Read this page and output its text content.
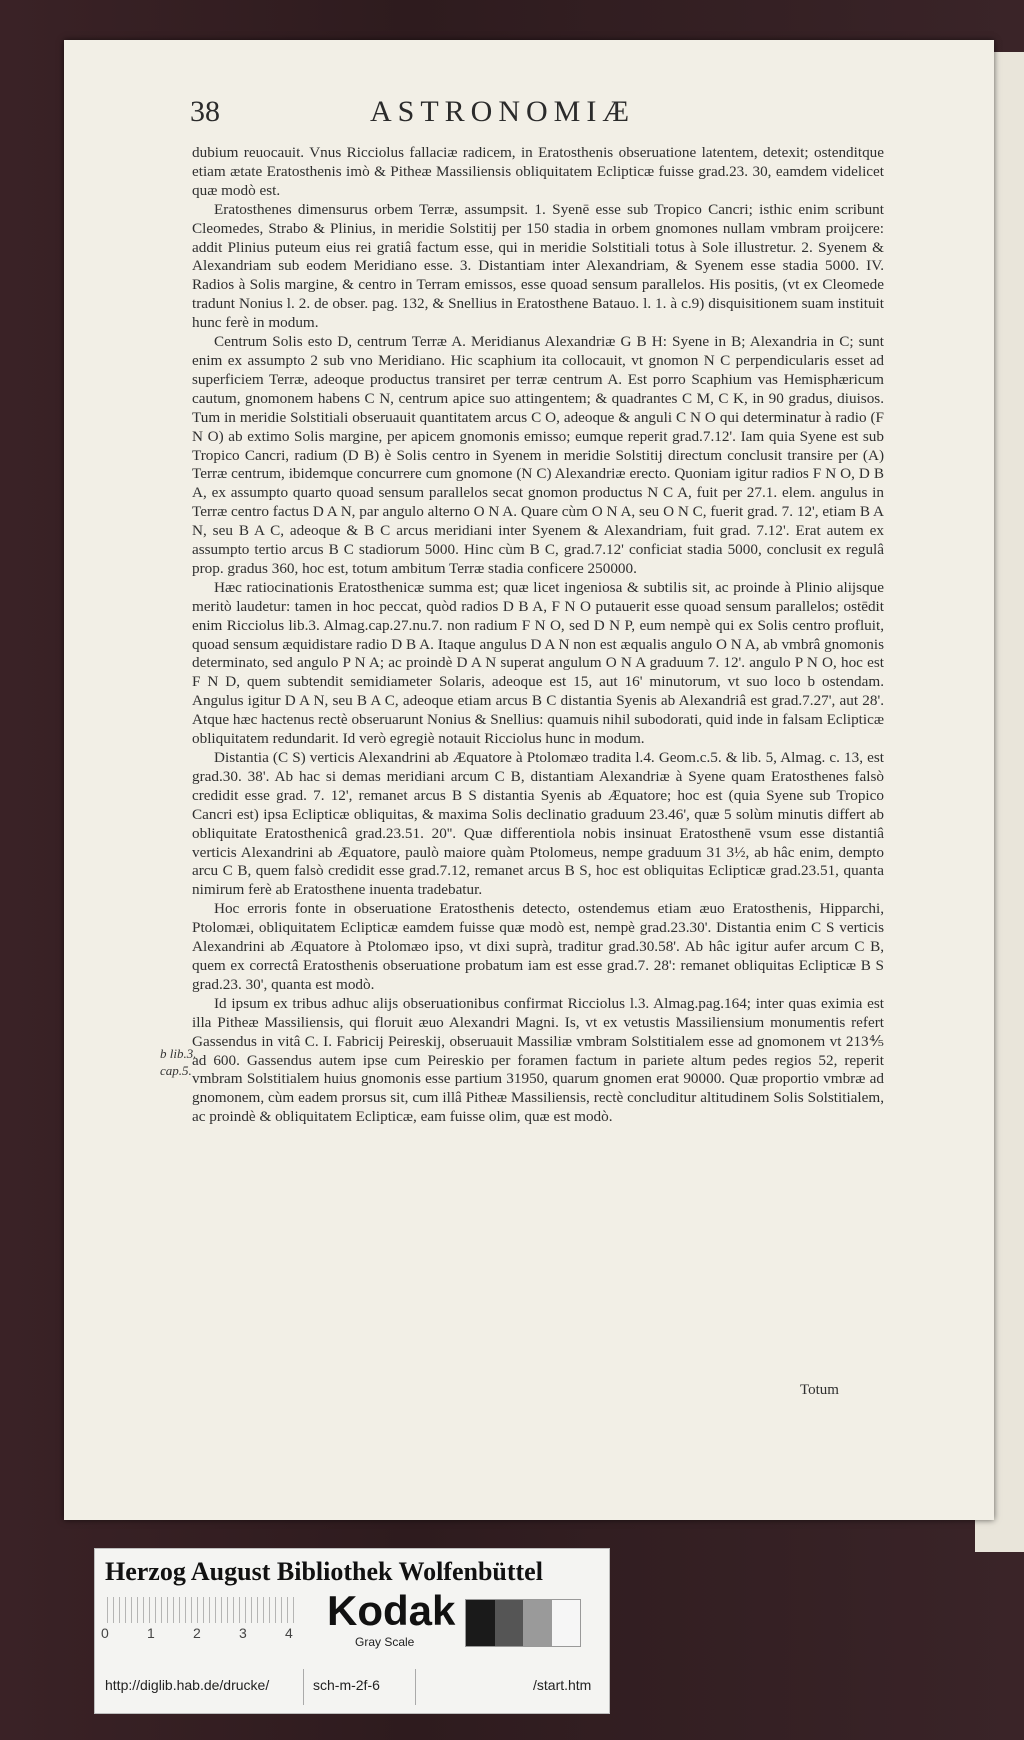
38	ASTRONOMIÆ

dubium reuocauit. Vnus Ricciolus fallaciæ radicem, in Eratosthenis obseruatione latentem, detexit; ostenditque etiam ætate Eratosthenis imò & Pitheæ Massiliensis obliquitatem Eclipticæ fuisse grad.23. 30, eamdem videlicet quæ modò est.

Eratosthenes dimensurus orbem Terræ, assumpsit. 1. Syenē esse sub Tropico Cancri; isthic enim scribunt Cleomedes, Strabo & Plinius, in meridie Solstitij per 150 stadia in orbem gnomones nullam vmbram proijcere: addit Plinius puteum eius rei gratiâ factum esse, qui in meridie Solstitiali totus à Sole illustretur. 2. Syenem & Alexandriam sub eodem Meridiano esse. 3. Distantiam inter Alexandriam, & Syenem esse stadia 5000. IV. Radios à Solis margine, & centro in Terram emissos, esse quoad sensum parallelos. His positis, (vt ex Cleomede tradunt Nonius l. 2. de obser. pag. 132, & Snellius in Eratosthene Batauo. l. 1. à c.9) disquisitionem suam instituit hunc ferè in modum.

Centrum Solis esto D, centrum Terræ A. Meridianus Alexandriæ G B H: Syene in B; Alexandria in C; sunt enim ex assumpto 2 sub vno Meridiano. Hic scaphium ita collocauit, vt gnomon N C perpendicularis esset ad superficiem Terræ, adeoque productus transiret per terræ centrum A. Est porro Scaphium vas Hemisphæricum cautum, gnomonem habens C N, centrum apice suo attingentem; & quadrantes C M, C K, in 90 gradus, diuisos. Tum in meridie Solstitiali obseruauit quantitatem arcus C O, adeoque & anguli C N O qui determinatur à radio (F N O) ab extimo Solis margine, per apicem gnomonis emisso; eumque reperit grad.7.12'. Iam quia Syene est sub Tropico Cancri, radium (D B) è Solis centro in Syenem in meridie Solstitij directum conclusit transire per (A) Terræ centrum, ibidemque concurrere cum gnomone (N C) Alexandriæ erecto. Quoniam igitur radios F N O, D B A, ex assumpto quarto quoad sensum parallelos secat gnomon productus N C A, fuit per 27.1. elem. angulus in Terræ centro factus D A N, par angulo alterno O N A. Quare cùm O N A, seu O N C, fuerit grad. 7. 12', etiam B A N, seu B A C, adeoque & B C arcus meridiani inter Syenem & Alexandriam, fuit grad. 7.12'. Erat autem ex assumpto tertio arcus B C stadiorum 5000. Hinc cùm B C, grad.7.12' conficiat stadia 5000, conclusit ex regulâ prop. gradus 360, hoc est, totum ambitum Terræ stadia conficere 250000.

Hæc ratiocinationis Eratosthenicæ summa est; quæ licet ingeniosa & subtilis sit, ac proinde à Plinio alijsque meritò laudetur: tamen in hoc peccat, quòd radios D B A, F N O putauerit esse quoad sensum parallelos; ostēdit enim Ricciolus lib.3. Almag.cap.27.nu.7. non radium F N O, sed D N P, eum nempè qui ex Solis centro profluit, quoad sensum æquidistare radio D B A. Itaque angulus D A N non est æqualis angulo O N A, ab vmbrâ gnomonis determinato, sed angulo P N A; ac proindè D A N superat angulum O N A graduum 7. 12'. angulo P N O, hoc est F N D, quem subtendit semidiameter Solaris, adeoque est 15, aut 16' minutorum, vt suo loco b ostendam. Angulus igitur D A N, seu B A C, adeoque etiam arcus B C distantia Syenis ab Alexandriâ est grad.7.27', aut 28'. Atque hæc hactenus rectè obseruarunt Nonius & Snellius: quamuis nihil subodorati, quid inde in falsam Eclipticæ obliquitatem redundarit. Id verò egregiè notauit Ricciolus hunc in modum.

Distantia (C S) verticis Alexandrini ab Æquatore à Ptolomæo tradita l.4. Geom.c.5. & lib. 5, Almag. c. 13, est grad.30. 38'. Ab hac si demas meridiani arcum C B, distantiam Alexandriæ à Syene quam Eratosthenes falsò credidit esse grad. 7. 12', remanet arcus B S distantia Syenis ab Æquatore; hoc est (quia Syene sub Tropico Cancri est) ipsa Eclipticæ obliquitas, & maxima Solis declinatio graduum 23.46', quæ 5 solùm minutis differt ab obliquitate Eratosthenicâ grad.23.51. 20''. Quæ differentiola nobis insinuat Eratosthenē vsum esse distantiâ verticis Alexandrini ab Æquatore, paulò maiore quàm Ptolomeus, nempe graduum 31 3½, ab hâc enim, dempto arcu C B, quem falsò credidit esse grad.7.12, remanet arcus B S, hoc est obliquitas Eclipticæ grad.23.51, quanta nimirum ferè ab Eratosthene inuenta tradebatur.

Hoc erroris fonte in obseruatione Eratosthenis detecto, ostendemus etiam æuo Eratosthenis, Hipparchi, Ptolomæi, obliquitatem Eclipticæ eamdem fuisse quæ modò est, nempè grad.23.30'. Distantia enim C S verticis Alexandrini ab Æquatore à Ptolomæo ipso, vt dixi suprà, traditur grad.30.58'. Ab hâc igitur aufer arcum C B, quem ex correctâ Eratosthenis obseruatione probatum iam est esse grad.7. 28': remanet obliquitas Eclipticæ B S grad.23. 30', quanta est modò.

Id ipsum ex tribus adhuc alijs obseruationibus confirmat Ricciolus l.3. Almag.pag.164; inter quas eximia est illa Pitheæ Massiliensis, qui floruit æuo Alexandri Magni. Is, vt ex vetustis Massiliensium monumentis refert Gassendus in vitâ C. I. Fabricij Peireskij, obseruauit Massiliæ vmbram Solstitialem esse ad gnomonem vt 213⅘ ad 600. Gassendus autem ipse cum Peireskio per foramen factum in pariete altum pedes regios 52, reperit vmbram Solstitialem huius gnomonis esse partium 31950, quarum gnomen erat 90000. Quæ proportio vmbræ ad gnomonem, cùm eadem prorsus sit, cum illâ Pitheæ Massiliensis, rectè concluditur altitudinem Solis Solstitialem, ac proindè & obliquitatem Eclipticæ, eam fuisse olim, quæ est modò.

b lib.3.
cap.5.
Totum
Herzog August Bibliothek Wolfenbüttel
0	1	2	3	4 Kodak
Gray Scale
http://diglib.hab.de/drucke/	sch-m-2f-6	/start.htm
